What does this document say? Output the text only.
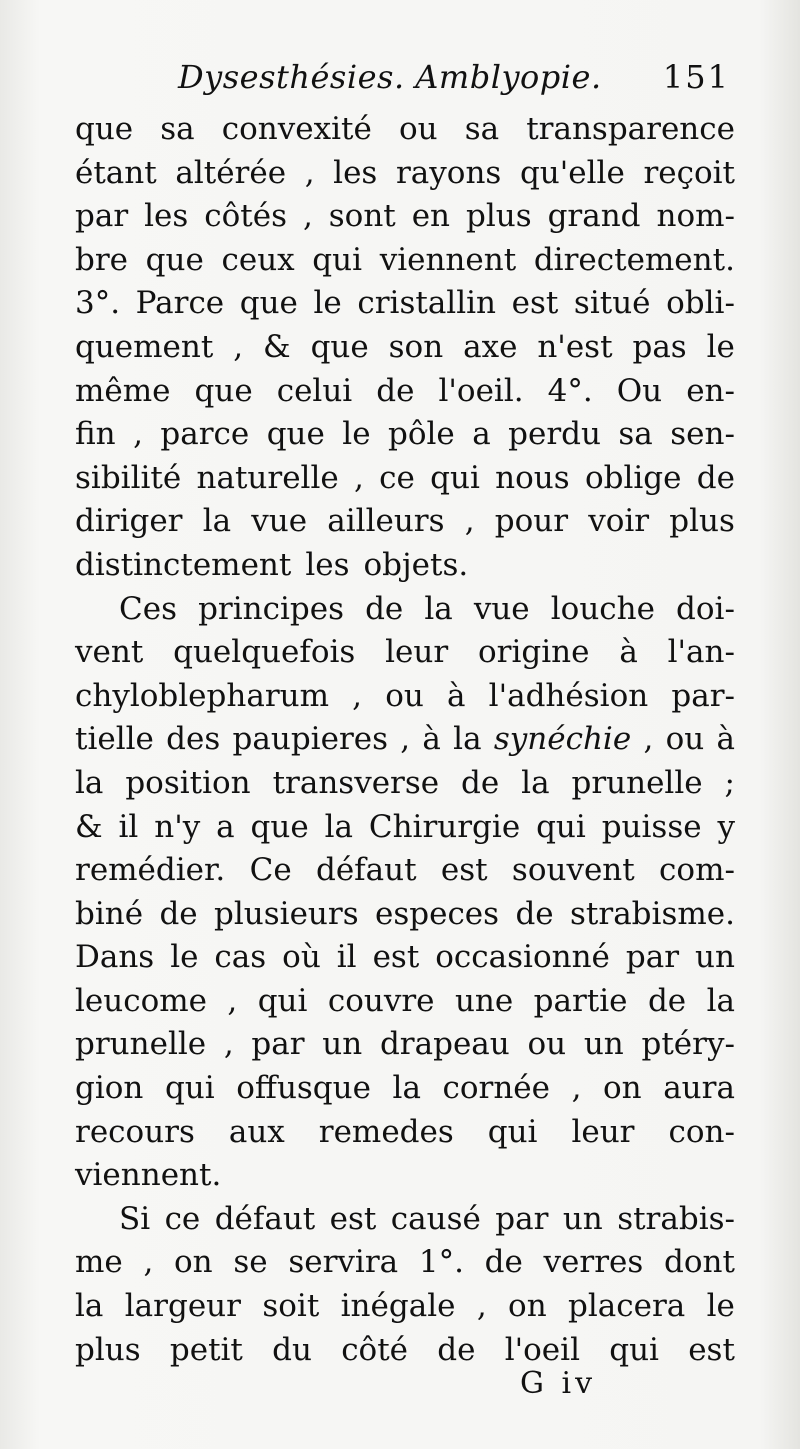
Dysesthésies. Amblyopie. 151
que sa convexité ou sa transparence
étant altérée , les rayons qu'elle reçoit
par les côtés , sont en plus grand nom-
bre que ceux qui viennent directement.
3°. Parce que le cristallin est situé obli-
quement , & que son axe n'est pas le
même que celui de l'oeil. 4°. Ou en-
fin , parce que le pôle a perdu sa sen-
sibilité naturelle , ce qui nous oblige de
diriger la vue ailleurs , pour voir plus
distinctement les objets.
Ces principes de la vue louche doi-
vent quelquefois leur origine à l'an-
chyloblepharum , ou à l'adhésion par-
tielle des paupieres , à la synéchie , ou à
la position transverse de la prunelle ;
& il n'y a que la Chirurgie qui puisse y
remédier. Ce défaut est souvent com-
biné de plusieurs especes de strabisme.
Dans le cas où il est occasionné par un
leucome , qui couvre une partie de la
prunelle , par un drapeau ou un ptéry-
gion qui offusque la cornée , on aura
recours aux remedes qui leur con-
viennent.
Si ce défaut est causé par un strabis-
me , on se servira 1°. de verres dont
la largeur soit inégale , on placera le
plus petit du côté de l'oeil qui est
G iv
